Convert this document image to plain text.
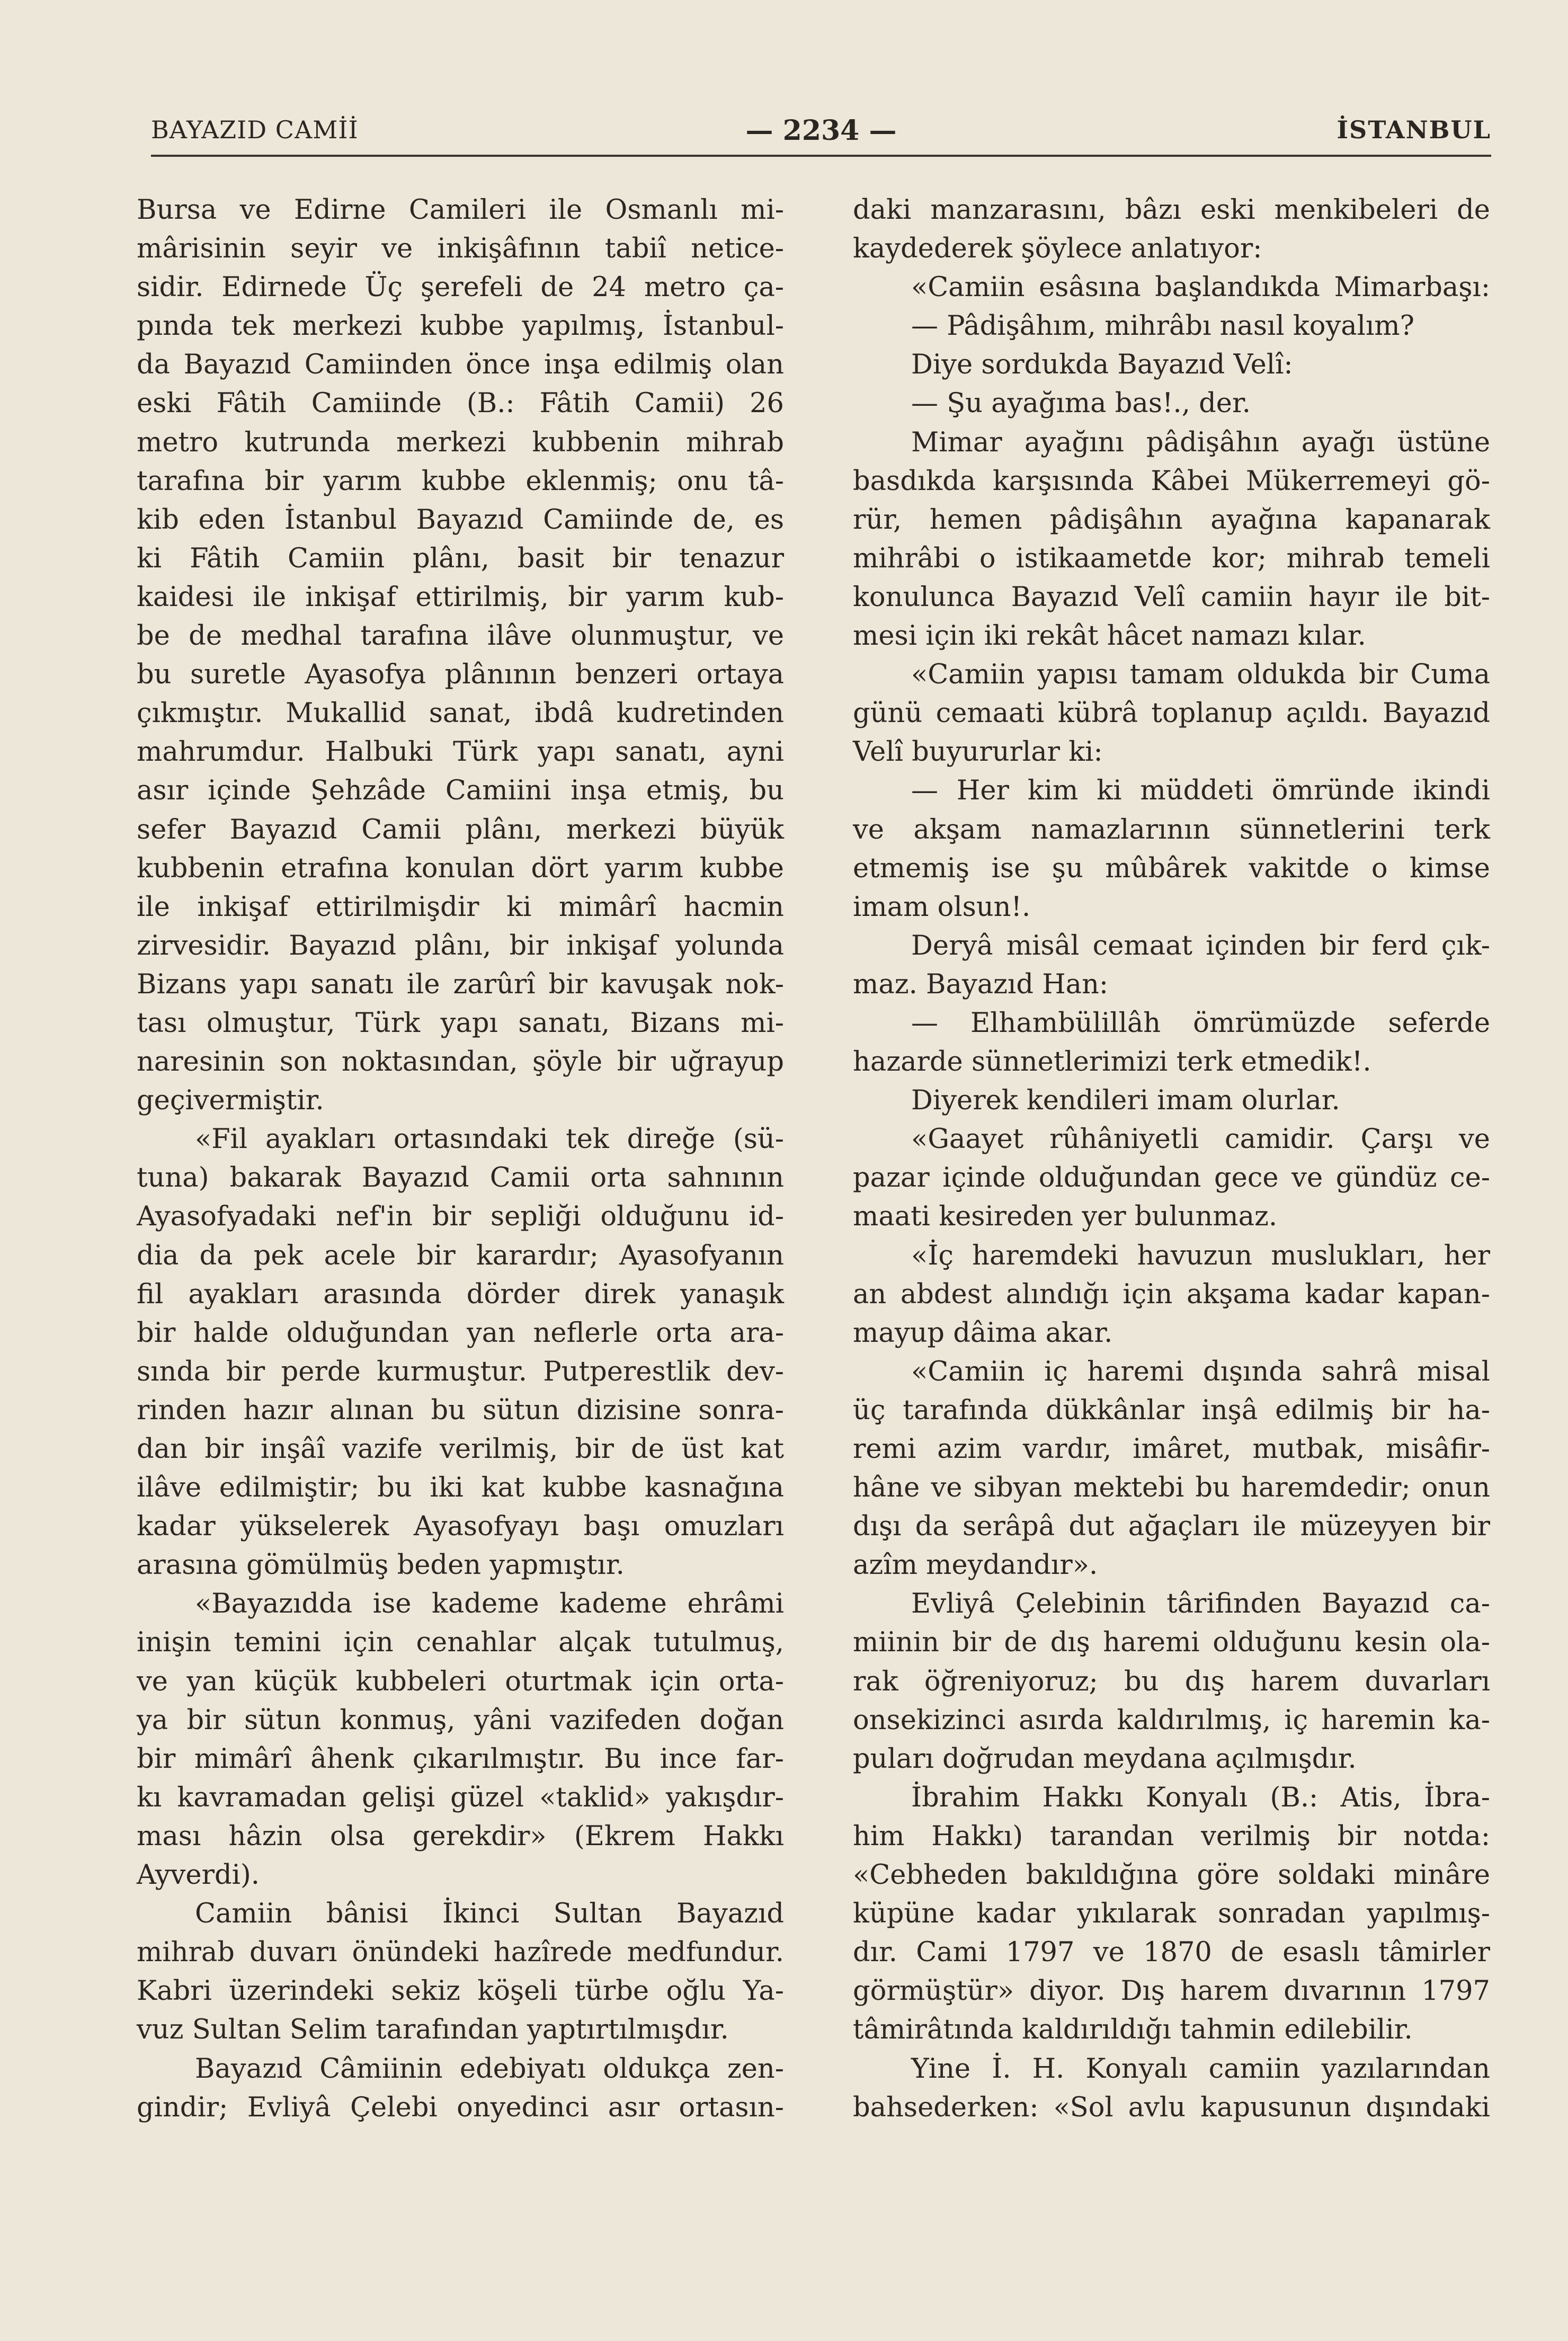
BAYAZID CAMİİ	— 2234 —	İSTANBUL
Bursa ve Edirne Camileri ile Osmanlı mi-
mârisinin seyir ve inkişâfının tabiî netice-
sidir. Edirnede Üç şerefeli de 24 metro ça-
pında tek merkezi kubbe yapılmış, İstanbul-
da Bayazıd Camiinden önce inşa edilmiş olan
eski Fâtih Camiinde (B.: Fâtih Camii) 26
metro kutrunda merkezi kubbenin mihrab
tarafına bir yarım kubbe eklenmiş; onu tâ-
kib eden İstanbul Bayazıd Camiinde de, es
ki Fâtih Camiin plânı, basit bir tenazur
kaidesi ile inkişaf ettirilmiş, bir yarım kub-
be de medhal tarafına ilâve olunmuştur, ve
bu suretle Ayasofya plânının benzeri ortaya
çıkmıştır. Mukallid sanat, ibdâ kudretinden
mahrumdur. Halbuki Türk yapı sanatı, ayni
asır içinde Şehzâde Camiini inşa etmiş, bu
sefer Bayazıd Camii plânı, merkezi büyük
kubbenin etrafına konulan dört yarım kubbe
ile inkişaf ettirilmişdir ki mimârî hacmin
zirvesidir. Bayazıd plânı, bir inkişaf yolunda
Bizans yapı sanatı ile zarûrî bir kavuşak nok-
tası olmuştur, Türk yapı sanatı, Bizans mi-
naresinin son noktasından, şöyle bir uğrayup
geçivermiştir.
«Fil ayakları ortasındaki tek direğe (sü-
tuna) bakarak Bayazıd Camii orta sahnının
Ayasofyadaki nef'in bir sepliği olduğunu id-
dia da pek acele bir karardır; Ayasofyanın
fil ayakları arasında dörder direk yanaşık
bir halde olduğundan yan neflerle orta ara-
sında bir perde kurmuştur. Putperestlik dev-
rinden hazır alınan bu sütun dizisine sonra-
dan bir inşâî vazife verilmiş, bir de üst kat
ilâve edilmiştir; bu iki kat kubbe kasnağına
kadar yükselerek Ayasofyayı başı omuzları
arasına gömülmüş beden yapmıştır.
«Bayazıdda ise kademe kademe ehrâmi
inişin temini için cenahlar alçak tutulmuş,
ve yan küçük kubbeleri oturtmak için orta-
ya bir sütun konmuş, yâni vazifeden doğan
bir mimârî âhenk çıkarılmıştır. Bu ince far-
kı kavramadan gelişi güzel «taklid» yakışdır-
ması hâzin olsa gerekdir» (Ekrem Hakkı
Ayverdi).
Camiin bânisi İkinci Sultan Bayazıd
mihrab duvarı önündeki hazîrede medfundur.
Kabri üzerindeki sekiz köşeli türbe oğlu Ya-
vuz Sultan Selim tarafından yaptırtılmışdır.
Bayazıd Câmiinin edebiyatı oldukça zen-
gindir; Evliyâ Çelebi onyedinci asır ortasın-
daki manzarasını, bâzı eski menkibeleri de
kaydederek şöylece anlatıyor:
«Camiin esâsına başlandıkda Mimarbaşı:
— Pâdişâhım, mihrâbı nasıl koyalım?
Diye sordukda Bayazıd Velî:
— Şu ayağıma bas!., der.
Mimar ayağını pâdişâhın ayağı üstüne
basdıkda karşısında Kâbei Mükerremeyi gö-
rür, hemen pâdişâhın ayağına kapanarak
mihrâbi o istikaametde kor; mihrab temeli
konulunca Bayazıd Velî camiin hayır ile bit-
mesi için iki rekât hâcet namazı kılar.
«Camiin yapısı tamam oldukda bir Cuma
günü cemaati kübrâ toplanup açıldı. Bayazıd
Velî buyururlar ki:
— Her kim ki müddeti ömründe ikindi
ve akşam namazlarının sünnetlerini terk
etmemiş ise şu mûbârek vakitde o kimse
imam olsun!.
Deryâ misâl cemaat içinden bir ferd çık-
maz. Bayazıd Han:
— Elhambülillâh ömrümüzde seferde
hazarde sünnetlerimizi terk etmedik!.
Diyerek kendileri imam olurlar.
«Gaayet rûhâniyetli camidir. Çarşı ve
pazar içinde olduğundan gece ve gündüz ce-
maati kesireden yer bulunmaz.
«İç haremdeki havuzun muslukları, her
an abdest alındığı için akşama kadar kapan-
mayup dâima akar.
«Camiin iç haremi dışında sahrâ misal
üç tarafında dükkânlar inşâ edilmiş bir ha-
remi azim vardır, imâret, mutbak, misâfir-
hâne ve sibyan mektebi bu haremdedir; onun
dışı da serâpâ dut ağaçları ile müzeyyen bir
azîm meydandır».
Evliyâ Çelebinin târifinden Bayazıd ca-
miinin bir de dış haremi olduğunu kesin ola-
rak öğreniyoruz; bu dış harem duvarları
onsekizinci asırda kaldırılmış, iç haremin ka-
puları doğrudan meydana açılmışdır.
İbrahim Hakkı Konyalı (B.: Atis, İbra-
him Hakkı) tarandan verilmiş bir notda:
«Cebheden bakıldığına göre soldaki minâre
küpüne kadar yıkılarak sonradan yapılmış-
dır. Cami 1797 ve 1870 de esaslı tâmirler
görmüştür» diyor. Dış harem dıvarının 1797
tâmirâtında kaldırıldığı tahmin edilebilir.
Yine İ. H. Konyalı camiin yazılarından
bahsederken: «Sol avlu kapusunun dışındaki
